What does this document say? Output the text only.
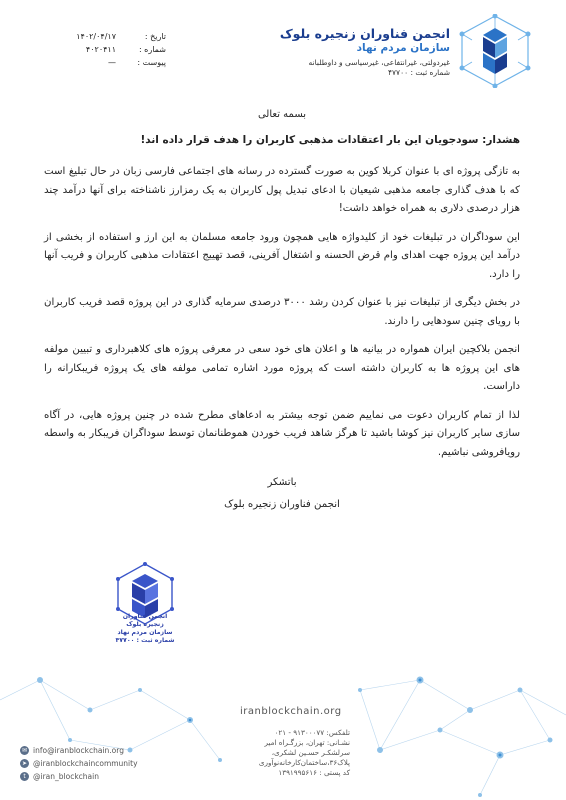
انجمن فناوران زنجیره بلوک
سازمان مردم نهاد
غیردولتی، غیرانتفاعی، غیرسیاسی و داوطلبانه
شماره ثبت : ۴۷۷۰۰
تاریخ :
۱۴۰۲/۰۴/۱۷
شماره :
۴۰۲۰۴۱۱
پیوست :
—
بسمه تعالی
هشدار: سودجویان این بار اعتقادات مذهبی کاربران را هدف قرار داده اند!

به تازگی پروژه ای با عنوان کربلا کوین به صورت گسترده در رسانه های اجتماعی فارسی زبان در حال تبلیغ است که با هدف گذاری جامعه مذهبی شیعیان با ادعای تبدیل پول کاربران به یک رمزارز ناشناخته برای آنها درآمد چند هزار درصدی دلاری به همراه خواهد داشت!

این سوداگران در تبلیغات خود از کلیدواژه هایی همچون ورود جامعه مسلمان به این ارز و استفاده از بخشی از درآمد این پروژه جهت اهدای وام قرض الحسنه و اشتغال آفرینی، قصد تهییج اعتقادات مذهبی کاربران و فریب آنها را دارد.

در بخش دیگری از تبلیغات نیز با عنوان کردن رشد ۳۰۰۰ درصدی سرمایه گذاری در این پروژه قصد فریب کاربران با رویای چنین سودهایی را دارند.

انجمن بلاکچین ایران همواره در بیانیه ها و اعلان های خود سعی در معرفی پروژه های کلاهبرداری و تبیین مولفه های این پروژه ها به کاربران داشته است که پروژه مورد اشاره تمامی مولفه های یک پروژه فریبکارانه را داراست.

لذا از تمام کاربران دعوت می نماییم ضمن توجه بیشتر به ادعاهای مطرح شده در چنین پروژه هایی، در آگاه سازی سایر کاربران نیز کوشا باشید تا هرگز شاهد فریب خوردن هموطنانمان توسط سوداگران فریبکار به واسطه رویافروشی نباشیم.

باتشکر
انجمن فناوران زنجیره بلوک
انجمن فناوران زنجیره بلوک
سازمان مردم نهاد
شماره ثبت : ۴۷۷۰۰
iranblockchain.org
✉ info@iranblockchain.org
➤ @iranblockchaincommunity
t @iran_blockchain
تلفکس: ۹۱۳۰۰۰۷۷ - ۰۲۱
نشـانی: تهران، بزرگـراه امیر
سرلشکـر حسـین لشکری،
پلاک۳۶،ساختمان‌کارخانه‌نوآوری
کد پستی : ۱۳۹۱۹۹۵۶۱۶
